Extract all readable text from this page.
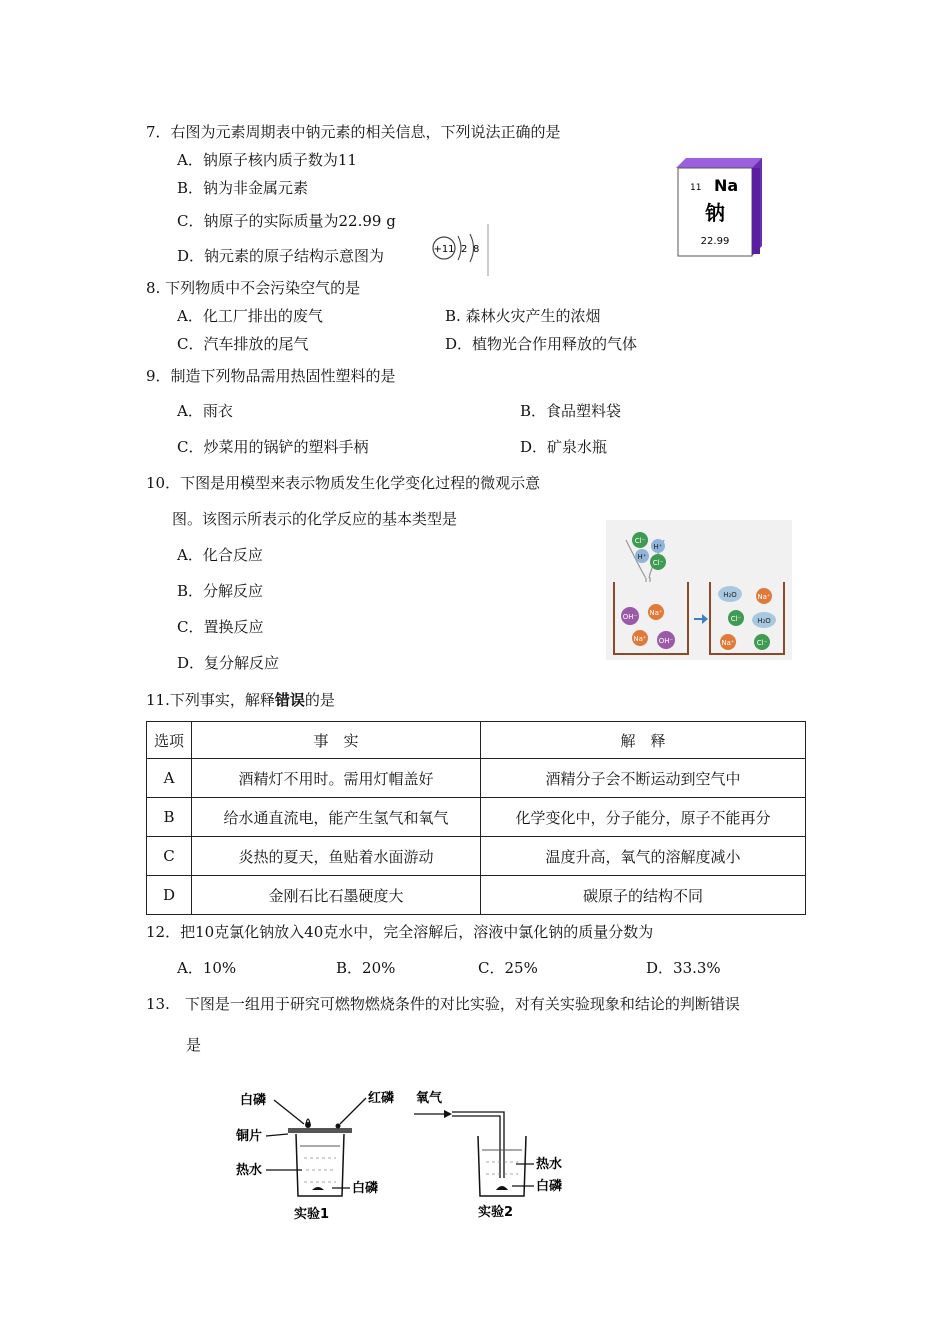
7．右图为元素周期表中钠元素的相关信息，下列说法正确的是
A．钠原子核内质子数为11
B．钠为非金属元素
C．钠原子的实际质量为22.99 g
D．钠元素的原子结构示意图为	+11 2 8
11 Na
钠
22.99
8. 下列物质中不会污染空气的是
A．化工厂排出的废气	B. 森林火灾产生的浓烟
C．汽车排放的尾气	D．植物光合作用释放的气体
9．制造下列物品需用热固性塑料的是
A．雨衣	B．食品塑料袋
C．炒菜用的锅铲的塑料手柄	D．矿泉水瓶
10．下图是用模型来表示物质发生化学变化过程的微观示意
图。该图示所表示的化学反应的基本类型是
A．化合反应
B．分解反应
C．置换反应
D．复分解反应
Cl⁻
H⁺
H⁺
Cl⁻
OH⁻ Na⁺
Na⁺ OH⁻
H₂O	Na⁺
Cl⁻ H₂O
Na⁺	Cl⁻
11.下列事实，解释错误的是
选项	事　实	解　释
A	酒精灯不用时。需用灯帽盖好	酒精分子会不断运动到空气中
B	给水通直流电，能产生氢气和氧气	化学变化中，分子能分，原子不能再分
C	炎热的夏天，鱼贴着水面游动	温度升高，氧气的溶解度减小
D	金刚石比石墨硬度大	碳原子的结构不同
12．把10克氯化钠放入40克水中，完全溶解后，溶液中氯化钠的质量分数为
A．10%	B．20%	C．25%	D．33.3%
13.　下图是一组用于研究可燃物燃烧条件的对比实验，对有关实验现象和结论的判断错误
是
白磷	红磷
铜片
热水
白磷
实验1
氧气
热水
白磷
实验2
